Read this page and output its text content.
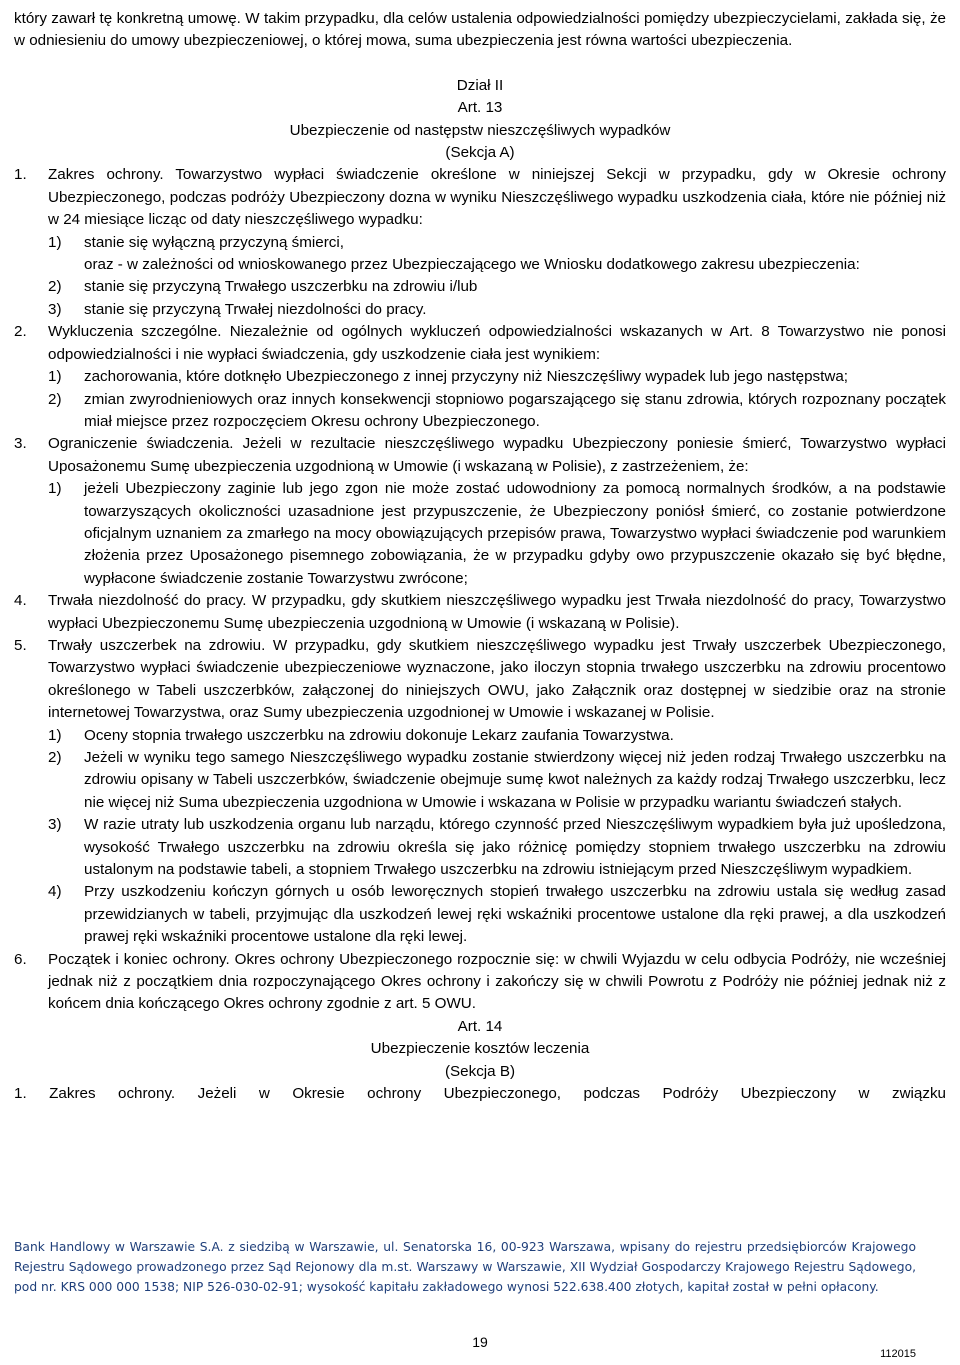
który zawarł tę konkretną umowę. W takim przypadku, dla celów ustalenia odpowiedzialności pomiędzy ubezpieczycielami, zakłada się, że w odniesieniu do umowy ubezpieczeniowej, o której mowa, suma ubezpieczenia jest równa wartości ubezpieczenia.

Dział II

Art. 13

Ubezpieczenie od następstw nieszczęśliwych wypadków

(Sekcja A)

1. Zakres ochrony. Towarzystwo wypłaci świadczenie określone w niniejszej Sekcji w przypadku, gdy w Okresie ochrony Ubezpieczonego, podczas podróży Ubezpieczony dozna w wyniku Nieszczęśliwego wypadku uszkodzenia ciała, które nie później niż w 24 miesiące licząc od daty nieszczęśliwego wypadku:
1) stanie się wyłączną przyczyną śmierci,

oraz - w zależności od wnioskowanego przez Ubezpieczającego we Wniosku dodatkowego zakresu ubezpieczenia:

2) stanie się przyczyną Trwałego uszczerbku na zdrowiu i/lub
3) stanie się przyczyną Trwałej niezdolności do pracy.
2. Wykluczenia szczególne. Niezależnie od ogólnych wykluczeń odpowiedzialności wskazanych w Art. 8 Towarzystwo nie ponosi odpowiedzialności i nie wypłaci świadczenia, gdy uszkodzenie ciała jest wynikiem:
1) zachorowania, które dotknęło Ubezpieczonego z innej przyczyny niż Nieszczęśliwy wypadek lub jego następstwa;
2) zmian zwyrodnieniowych oraz innych konsekwencji stopniowo pogarszającego się stanu zdrowia, których rozpoznany początek miał miejsce przez rozpoczęciem Okresu ochrony Ubezpieczonego.
3. Ograniczenie świadczenia. Jeżeli w rezultacie nieszczęśliwego wypadku Ubezpieczony poniesie śmierć, Towarzystwo wypłaci Uposażonemu Sumę ubezpieczenia uzgodnioną w Umowie (i wskazaną w Polisie), z zastrzeżeniem, że:
1) jeżeli Ubezpieczony zaginie lub jego zgon nie może zostać udowodniony za pomocą normalnych środków, a na podstawie towarzyszących okoliczności uzasadnione jest przypuszczenie, że Ubezpieczony poniósł śmierć, co zostanie potwierdzone oficjalnym uznaniem za zmarłego na mocy obowiązujących przepisów prawa, Towarzystwo wypłaci świadczenie pod warunkiem złożenia przez Uposażonego pisemnego zobowiązania, że w przypadku gdyby owo przypuszczenie okazało się być błędne, wypłacone świadczenie zostanie Towarzystwu zwrócone;
4. Trwała niezdolność do pracy. W przypadku, gdy skutkiem nieszczęśliwego wypadku jest Trwała niezdolność do pracy, Towarzystwo wypłaci Ubezpieczonemu Sumę ubezpieczenia uzgodnioną w Umowie (i wskazaną w Polisie).
5. Trwały uszczerbek na zdrowiu. W przypadku, gdy skutkiem nieszczęśliwego wypadku jest Trwały uszczerbek Ubezpieczonego, Towarzystwo wypłaci świadczenie ubezpieczeniowe wyznaczone, jako iloczyn stopnia trwałego uszczerbku na zdrowiu procentowo określonego w Tabeli uszczerbków, załączonej do niniejszych OWU, jako Załącznik oraz dostępnej w siedzibie oraz na stronie internetowej Towarzystwa, oraz Sumy ubezpieczenia uzgodnionej w Umowie i wskazanej w Polisie.
1) Oceny stopnia trwałego uszczerbku na zdrowiu dokonuje Lekarz zaufania Towarzystwa.
2) Jeżeli w wyniku tego samego Nieszczęśliwego wypadku zostanie stwierdzony więcej niż jeden rodzaj Trwałego uszczerbku na zdrowiu opisany w Tabeli uszczerbków, świadczenie obejmuje sumę kwot należnych za każdy rodzaj Trwałego uszczerbku, lecz nie więcej niż Suma ubezpieczenia uzgodniona w Umowie i wskazana w Polisie w przypadku wariantu świadczeń stałych.
3) W razie utraty lub uszkodzenia organu lub narządu, którego czynność przed Nieszczęśliwym wypadkiem była już upośledzona, wysokość Trwałego uszczerbku na zdrowiu określa się jako różnicę pomiędzy stopniem trwałego uszczerbku na zdrowiu ustalonym na podstawie tabeli, a stopniem Trwałego uszczerbku na zdrowiu istniejącym przed Nieszczęśliwym wypadkiem.
4) Przy uszkodzeniu kończyn górnych u osób leworęcznych stopień trwałego uszczerbku na zdrowiu ustala się według zasad przewidzianych w tabeli, przyjmując dla uszkodzeń lewej ręki wskaźniki procentowe ustalone dla ręki prawej, a dla uszkodzeń prawej ręki wskaźniki procentowe ustalone dla ręki lewej.
6. Początek i koniec ochrony. Okres ochrony Ubezpieczonego rozpocznie się: w chwili Wyjazdu w celu odbycia Podróży, nie wcześniej jednak niż z początkiem dnia rozpoczynającego Okres ochrony i zakończy się w chwili Powrotu z Podróży nie później jednak niż z końcem dnia kończącego Okres ochrony zgodnie z art. 5 OWU.

Art. 14

Ubezpieczenie kosztów leczenia

(Sekcja B)

1. Zakres ochrony. Jeżeli w Okresie ochrony Ubezpieczonego, podczas Podróży Ubezpieczony w związku

Bank Handlowy w Warszawie S.A. z siedzibą w Warszawie, ul. Senatorska 16, 00-923 Warszawa, wpisany do rejestru przedsiębiorców Krajowego Rejestru Sądowego prowadzonego przez Sąd Rejonowy dla m.st. Warszawy w Warszawie, XII Wydział Gospodarczy Krajowego Rejestru Sądowego, pod nr. KRS 000 000 1538; NIP 526-030-02-91; wysokość kapitału zakładowego wynosi 522.638.400 złotych, kapitał został w pełni opłacony.
19
112015
